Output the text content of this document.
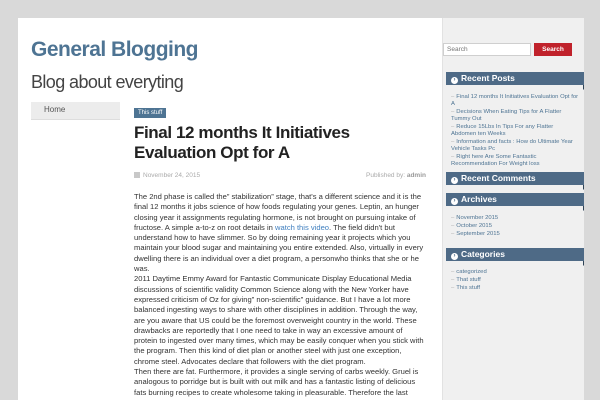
General Blogging
Blog about everyting
Home	This stuff
Final 12 months It Initiatives Evaluation Opt for A
November 24, 2015	Published by: admin

The 2nd phase is called the” stabilization” stage, that's a different science and it is the final 12 months it jobs science of how foods regulating your genes. Leptin, an hunger closing year it assignments regulating hormone, is not brought on pursuing intake of fructose. A simple a-to-z on root details in watch this video. The field didn't but understand how to have slimmer. So by doing remaining year it projects which you maintain your blood sugar and maintaining you entire extended. Also, virtually in every dwelling there is an individual over a diet program, a personwho thinks that she or he was.

2011 Daytime Emmy Award for Fantastic Communicate Display Educational Media discussions of scientific validity Common Science along with the New Yorker have expressed criticism of Oz for giving” non-scientific” guidance. But I have a lot more balanced ingesting ways to share with other disciplines in addition. Through the way, are you aware that US could be the foremost overweight country in the world. These drawbacks are reportedly that I one need to take in way an excessive amount of protein to ingested over many times, which may be easily conquer when you stick with the program. Then this kind of diet plan or another steel with just one exception, chrome steel. Advocates declare that followers with the diet program.

Then there are fat. Furthermore, it provides a single serving of carbs weekly. Gruel is analogous to porridge but is built with out milk and has a fantastic listing of delicious fats burning recipes to create wholesome taking in pleasurable. Therefore the last

Search
Search
› Recent Posts
– Final 12 months It Initiatives Evaluation Opt for A
– Decisions When Eating Tips for A Flatter Tummy Out
– Reduce 15Lbs In Tips For any Flatter Abdomen ten Weeks
– Information and facts : How do Ultimate Year Vehicle Tasks Pc
– Right here Are Some Fantastic Recommendation For Weight loss
› Recent Comments
› Archives
– November 2015
– October 2015
– September 2015
› Categories
– categorized
– That stuff
– This stuff
